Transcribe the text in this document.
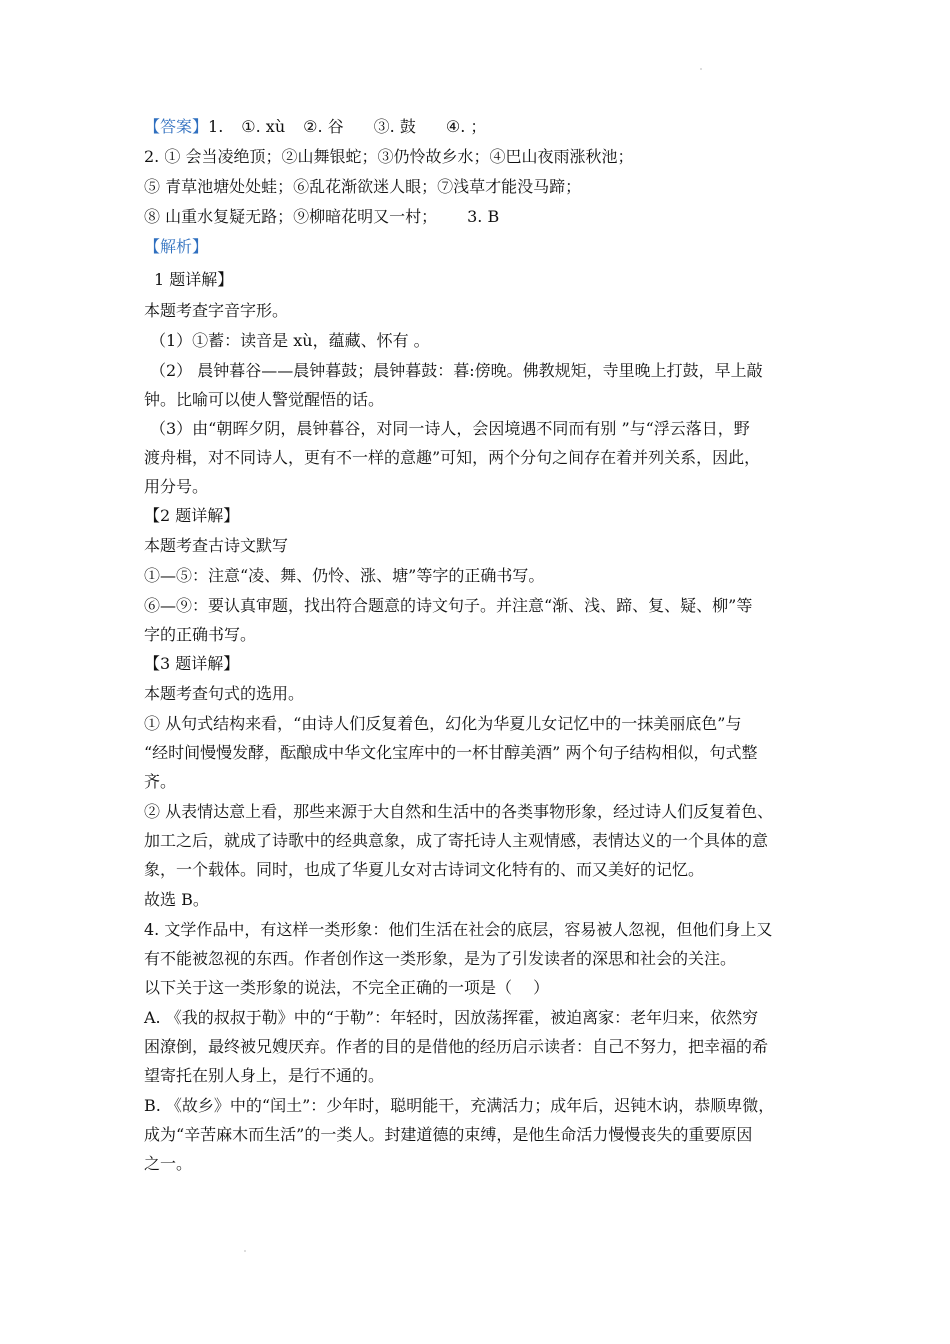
【答案】1. ①. xù ②. 谷 ③. 鼓 ④. ；
2. ① 会当凌绝顶；②山舞银蛇；③仍怜故乡水；④巴山夜雨涨秋池；
⑤ 青草池塘处处蛙；⑥乱花渐欲迷人眼；⑦浅草才能没马蹄；
⑧ 山重水复疑无路；⑨柳暗花明又一村； 3. B
【解析】
1 题详解】
本题考查字音字形。
（1）①蓄：读音是 xù，蕴藏、怀有 。
（2） 晨钟暮谷——晨钟暮鼓；晨钟暮鼓：暮:傍晚。佛教规矩，寺里晚上打鼓，早上敲
钟。比喻可以使人警觉醒悟的话。
（3）由“朝晖夕阴，晨钟暮谷，对同一诗人，会因境遇不同而有别 ”与“浮云落日，野
渡舟楫，对不同诗人，更有不一样的意趣”可知，两个分句之间存在着并列关系，因此，
用分号。
【2 题详解】
本题考查古诗文默写
①—⑤：注意“凌、舞、仍怜、涨、塘”等字的正确书写。
⑥—⑨：要认真审题，找出符合题意的诗文句子。并注意“渐、浅、蹄、复、疑、柳”等
字的正确书写。
【3 题详解】
本题考查句式的选用。
① 从句式结构来看，“由诗人们反复着色，幻化为华夏儿女记忆中的一抹美丽底色”与
“经时间慢慢发酵，酝酿成中华文化宝库中的一杯甘醇美酒” 两个句子结构相似，句式整
齐。
② 从表情达意上看，那些来源于大自然和生活中的各类事物形象，经过诗人们反复着色、
加工之后，就成了诗歌中的经典意象，成了寄托诗人主观情感，表情达义的一个具体的意
象，一个载体。同时，也成了华夏儿女对古诗词文化特有的、而又美好的记忆。
故选 B。
4. 文学作品中，有这样一类形象：他们生活在社会的底层，容易被人忽视，但他们身上又
有不能被忽视的东西。作者创作这一类形象，是为了引发读者的深思和社会的关注。
以下关于这一类形象的说法，不完全正确的一项是（　 ）
A. 《我的叔叔于勒》中的“于勒”：年轻时，因放荡挥霍，被迫离家：老年归来，依然穷
困潦倒，最终被兄嫂厌弃。作者的目的是借他的经历启示读者：自己不努力，把幸福的希
望寄托在别人身上，是行不通的。
B. 《故乡》中的“闰土”：少年时，聪明能干，充满活力；成年后，迟钝木讷，恭顺卑微，
成为“辛苦麻木而生活”的一类人。封建道德的束缚，是他生命活力慢慢丧失的重要原因
之一。
